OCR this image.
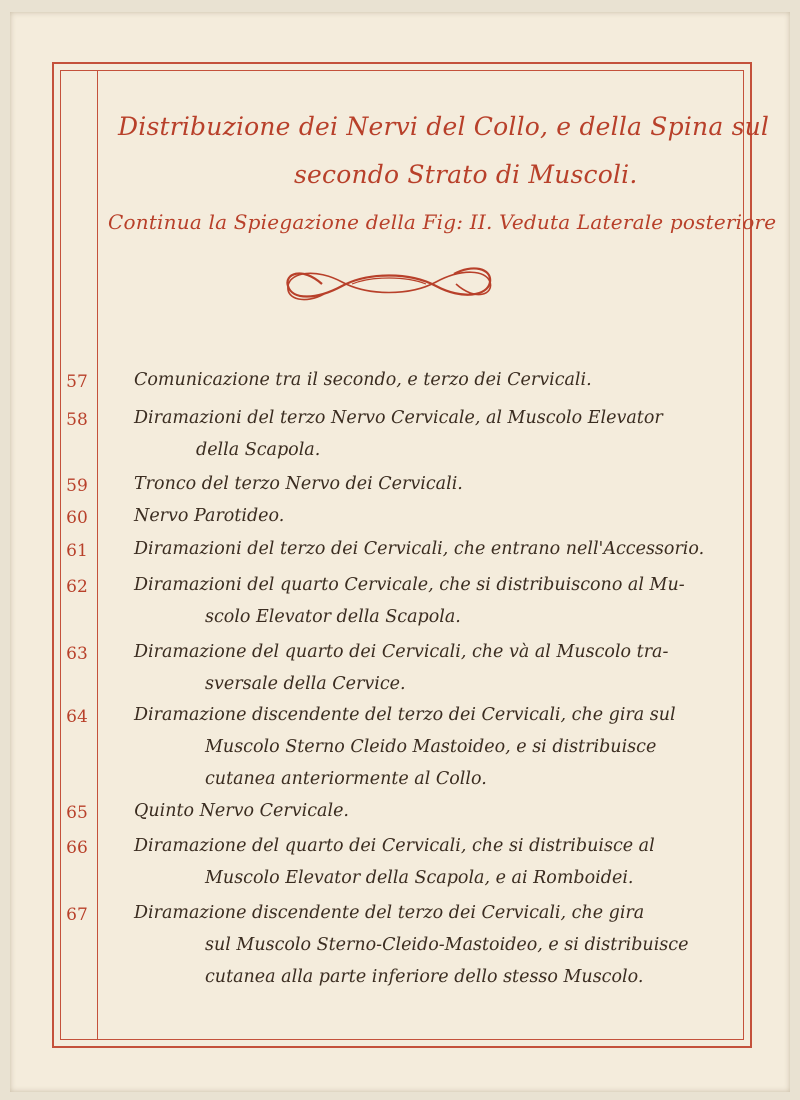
Distribuzione dei Nervi del Collo, e della Spina sul
secondo Strato di Muscoli.
Continua la Spiegazione della Fig: II. Veduta Laterale posteriore
57	Comunicazione tra il secondo, e terzo dei Cervicali.
58	Diramazioni del terzo Nervo Cervicale, al Muscolo Elevator
della Scapola.
59	Tronco del terzo Nervo dei Cervicali.
60	Nervo Parotideo.
61	Diramazioni del terzo dei Cervicali, che entrano nell'Accessorio.
62	Diramazioni del quarto Cervicale, che si distribuiscono al Mu-
scolo Elevator della Scapola.
63	Diramazione del quarto dei Cervicali, che và al Muscolo tra-
sversale della Cervice.
64	Diramazione discendente del terzo dei Cervicali, che gira sul
Muscolo Sterno Cleido Mastoideo, e si distribuisce
cutanea anteriormente al Collo.
65	Quinto Nervo Cervicale.
66	Diramazione del quarto dei Cervicali, che si distribuisce al
Muscolo Elevator della Scapola, e ai Romboidei.
67	Diramazione discendente del terzo dei Cervicali, che gira
sul Muscolo Sterno-Cleido-Mastoideo, e si distribuisce
cutanea alla parte inferiore dello stesso Muscolo.
